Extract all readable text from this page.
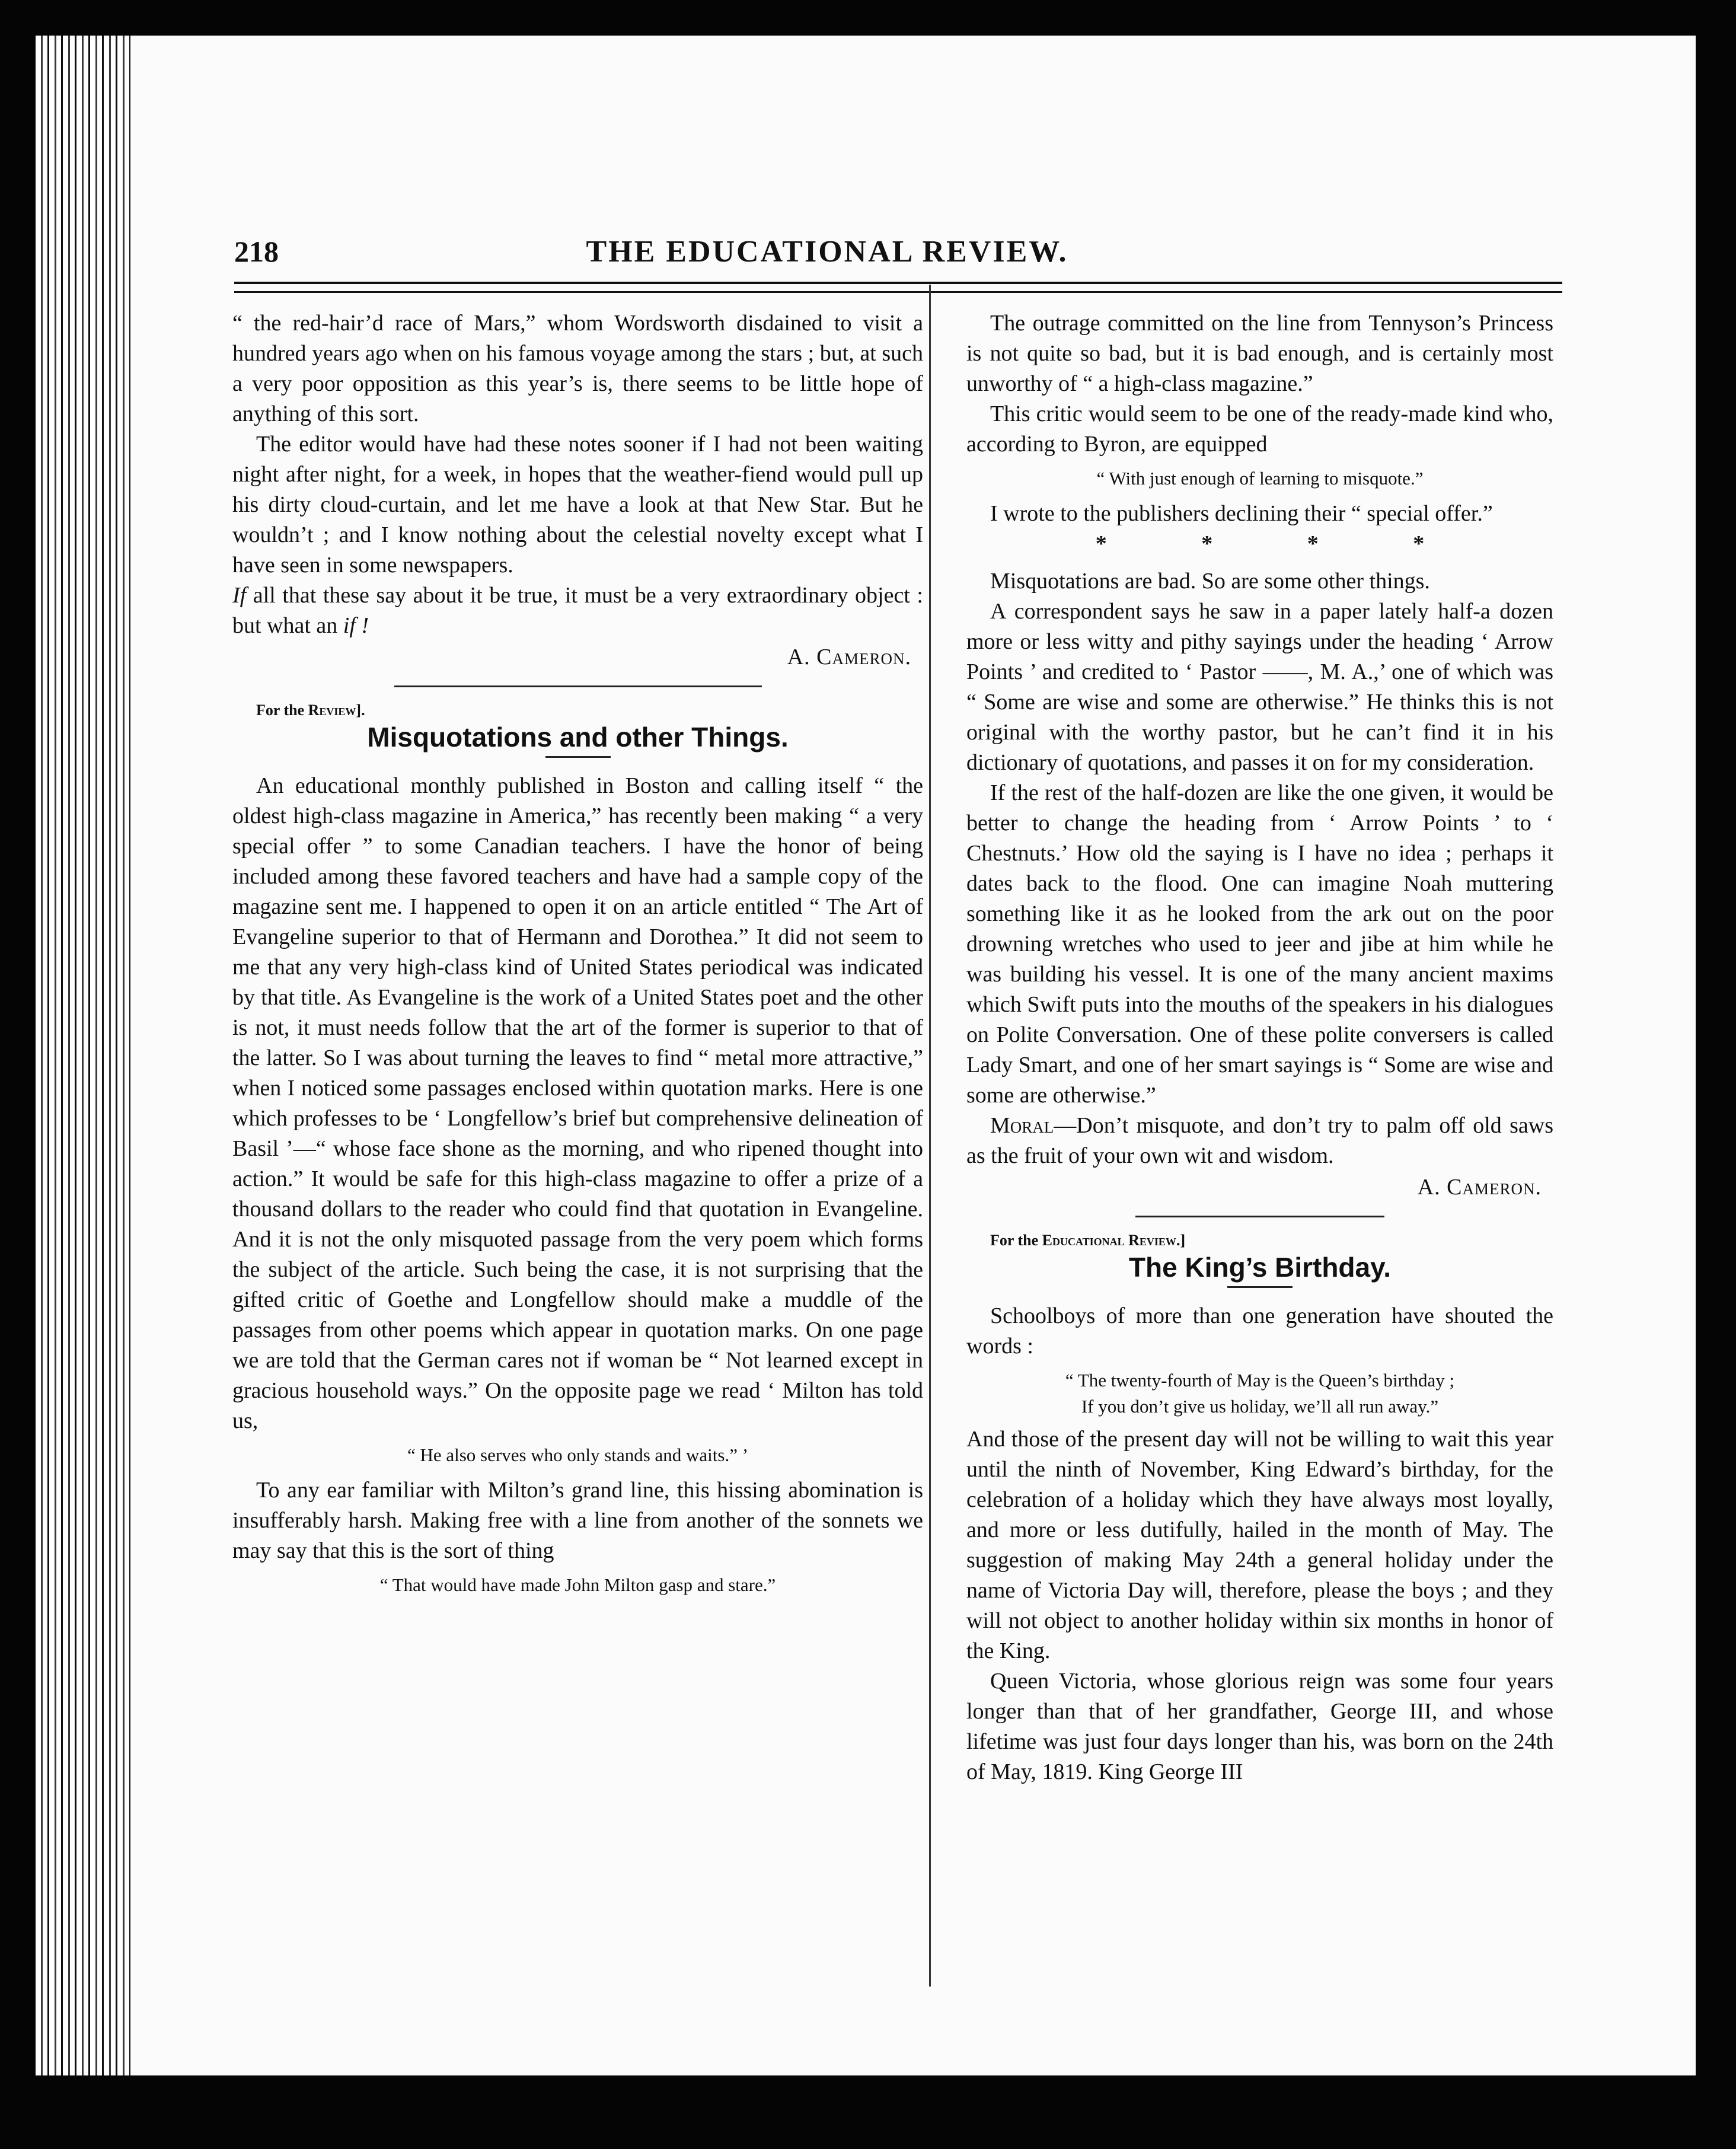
218	THE EDUCATIONAL REVIEW.

“ the red-hair’d race of Mars,” whom Wordsworth disdained to visit a hundred years ago when on his famous voyage among the stars ; but, at such a very poor opposition as this year’s is, there seems to be little hope of anything of this sort.

The editor would have had these notes sooner if I had not been waiting night after night, for a week, in hopes that the weather-fiend would pull up his dirty cloud-curtain, and let me have a look at that New Star. But he wouldn’t ; and I know nothing about the celestial novelty except what I have seen in some newspapers.

If all that these say about it be true, it must be a very extraordinary object : but what an if !

A. Cameron.

For the Review].

Misquotations and other Things.

An educational monthly published in Boston and calling itself “ the oldest high-class magazine in America,” has recently been making “ a very special offer ” to some Canadian teachers. I have the honor of being included among these favored teachers and have had a sample copy of the magazine sent me. I happened to open it on an article entitled “ The Art of Evangeline superior to that of Hermann and Dorothea.” It did not seem to me that any very high-class kind of United States periodical was indicated by that title. As Evangeline is the work of a United States poet and the other is not, it must needs follow that the art of the former is superior to that of the latter. So I was about turning the leaves to find “ metal more attractive,” when I noticed some passages enclosed within quotation marks. Here is one which professes to be ‘ Longfellow’s brief but comprehensive delineation of Basil ’—“ whose face shone as the morning, and who ripened thought into action.” It would be safe for this high-class magazine to offer a prize of a thousand dollars to the reader who could find that quotation in Evangeline. And it is not the only misquoted passage from the very poem which forms the subject of the article. Such being the case, it is not surprising that the gifted critic of Goethe and Longfellow should make a muddle of the passages from other poems which appear in quotation marks. On one page we are told that the German cares not if woman be “ Not learned except in gracious household ways.” On the opposite page we read ‘ Milton has told us,

“ He also serves who only stands and waits.” ’

To any ear familiar with Milton’s grand line, this hissing abomination is insufferably harsh. Making free with a line from another of the sonnets we may say that this is the sort of thing

“ That would have made John Milton gasp and stare.”

The outrage committed on the line from Tennyson’s Princess is not quite so bad, but it is bad enough, and is certainly most unworthy of “ a high-class magazine.”

This critic would seem to be one of the ready-made kind who, according to Byron, are equipped

“ With just enough of learning to misquote.”

I wrote to the publishers declining their “ special offer.”

* * * *

Misquotations are bad. So are some other things.

A correspondent says he saw in a paper lately half-a dozen more or less witty and pithy sayings under the heading ‘ Arrow Points ’ and credited to ‘ Pastor ——, M. A.,’ one of which was “ Some are wise and some are otherwise.” He thinks this is not original with the worthy pastor, but he can’t find it in his dictionary of quotations, and passes it on for my consideration.

If the rest of the half-dozen are like the one given, it would be better to change the heading from ‘ Arrow Points ’ to ‘ Chestnuts.’ How old the saying is I have no idea ; perhaps it dates back to the flood. One can imagine Noah muttering something like it as he looked from the ark out on the poor drowning wretches who used to jeer and jibe at him while he was building his vessel. It is one of the many ancient maxims which Swift puts into the mouths of the speakers in his dialogues on Polite Conversation. One of these polite conversers is called Lady Smart, and one of her smart sayings is “ Some are wise and some are otherwise.”

Moral—Don’t misquote, and don’t try to palm off old saws as the fruit of your own wit and wisdom.

A. Cameron.

For the Educational Review.]

The King’s Birthday.

Schoolboys of more than one generation have shouted the words :

“ The twenty-fourth of May is the Queen’s birthday ;
If you don’t give us holiday, we’ll all run away.”

And those of the present day will not be willing to wait this year until the ninth of November, King Edward’s birthday, for the celebration of a holiday which they have always most loyally, and more or less dutifully, hailed in the month of May. The suggestion of making May 24th a general holiday under the name of Victoria Day will, therefore, please the boys ; and they will not object to another holiday within six months in honor of the King.

Queen Victoria, whose glorious reign was some four years longer than that of her grandfather, George III, and whose lifetime was just four days longer than his, was born on the 24th of May, 1819. King George III
